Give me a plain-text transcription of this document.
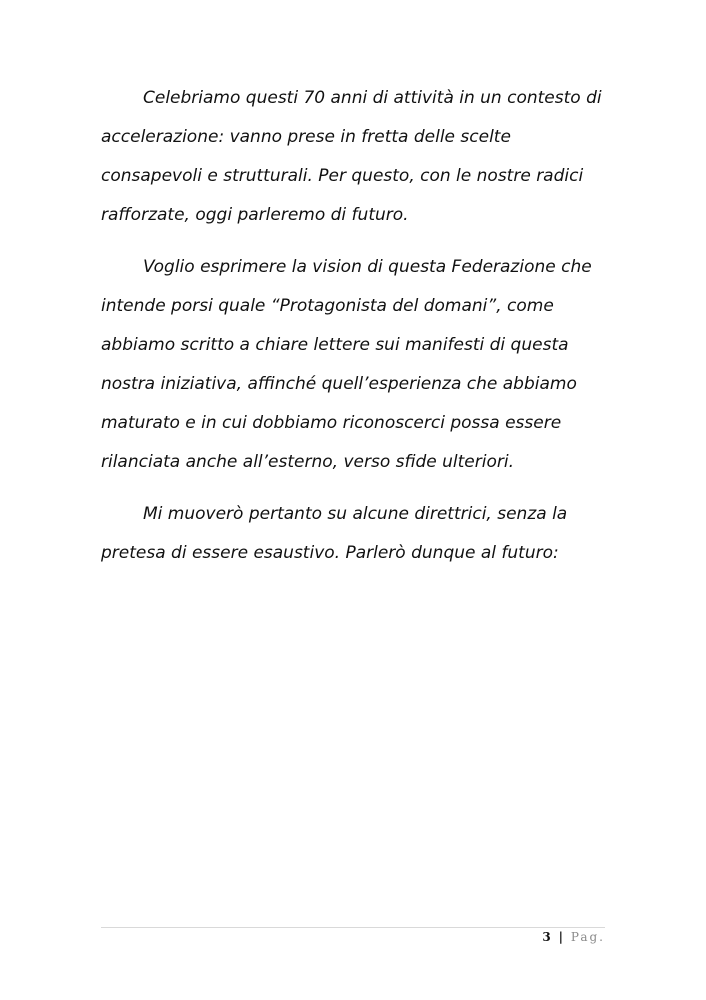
Celebriamo questi 70 anni di attività in un contesto di
accelerazione: vanno prese in fretta delle scelte
consapevoli e strutturali. Per questo, con le nostre radici
rafforzate, oggi parleremo di futuro.

Voglio esprimere la vision di questa Federazione che
intende porsi quale “Protagonista del domani”, come
abbiamo scritto a chiare lettere sui manifesti di questa
nostra iniziativa, affinché quell’esperienza che abbiamo
maturato e in cui dobbiamo riconoscerci possa essere
rilanciata anche all’esterno, verso sfide ulteriori.

Mi muoverò pertanto su alcune direttrici, senza la
pretesa di essere esaustivo. Parlerò dunque al futuro:

3 | Pag.
